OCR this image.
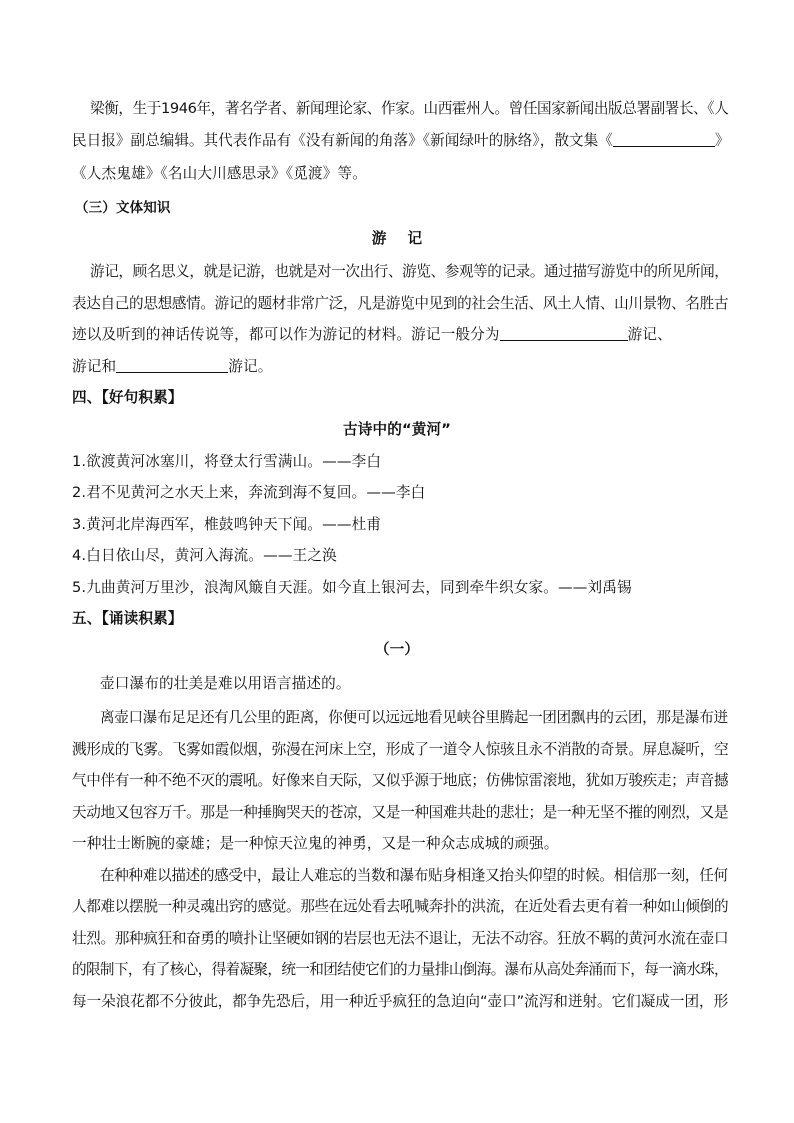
梁衡，生于1946年，著名学者、新闻理论家、作家。山西霍州人。曾任国家新闻出版总署副署长、《人
民日报》副总编辑。其代表作品有《没有新闻的角落》《新闻绿叶的脉络》，散文集《	》
《人杰鬼雄》《名山大川感思录》《觅渡》等。
（三）文体知识
游    记
游记，顾名思义，就是记游，也就是对一次出行、游览、参观等的记录。通过描写游览中的所见所闻，
表达自己的思想感情。游记的题材非常广泛，凡是游览中见到的社会生活、风土人情、山川景物、名胜古
迹以及听到的神话传说等，都可以作为游记的材料。游记一般分为	游记、
游记和	游记。
四、【好句积累】
古诗中的“黄河”
1.欲渡黄河冰塞川，将登太行雪满山。——李白
2.君不见黄河之水天上来，奔流到海不复回。——李白
3.黄河北岸海西军，椎鼓鸣钟天下闻。——杜甫
4.白日依山尽，黄河入海流。——王之涣
5.九曲黄河万里沙，浪淘风簸自天涯。如今直上银河去，同到牵牛织女家。——刘禹锡
五、【诵读积累】
（一）
壶口瀑布的壮美是难以用语言描述的。
离壶口瀑布足足还有几公里的距离，你便可以远远地看见峡谷里腾起一团团飘冉的云团，那是瀑布迸
溅形成的飞雾。飞雾如霞似烟，弥漫在河床上空，形成了一道令人惊骇且永不消散的奇景。屏息凝听，空
气中伴有一种不绝不灭的震吼。好像来自天际，又似乎源于地底；仿佛惊雷滚地，犹如万骏疾走；声音撼
天动地又包容万千。那是一种捶胸哭天的苍凉，又是一种国难共赴的悲壮；是一种无坚不摧的刚烈，又是
一种壮士断腕的豪雄；是一种惊天泣鬼的神勇，又是一种众志成城的顽强。
在种种难以描述的感受中，最让人难忘的当数和瀑布贴身相逢又抬头仰望的时候。相信那一刻，任何
人都难以摆脱一种灵魂出窍的感觉。那些在远处看去吼喊奔扑的洪流，在近处看去更有着一种如山倾倒的
壮烈。那种疯狂和奋勇的喷扑让坚硬如钢的岩层也无法不退让，无法不动容。狂放不羁的黄河水流在壶口
的限制下，有了核心，得着凝聚，统一和团结使它们的力量排山倒海。瀑布从高处奔涌而下，每一滴水珠，
每一朵浪花都不分彼此，都争先恐后，用一种近乎疯狂的急迫向“壶口”流泻和迸射。它们凝成一团，形
